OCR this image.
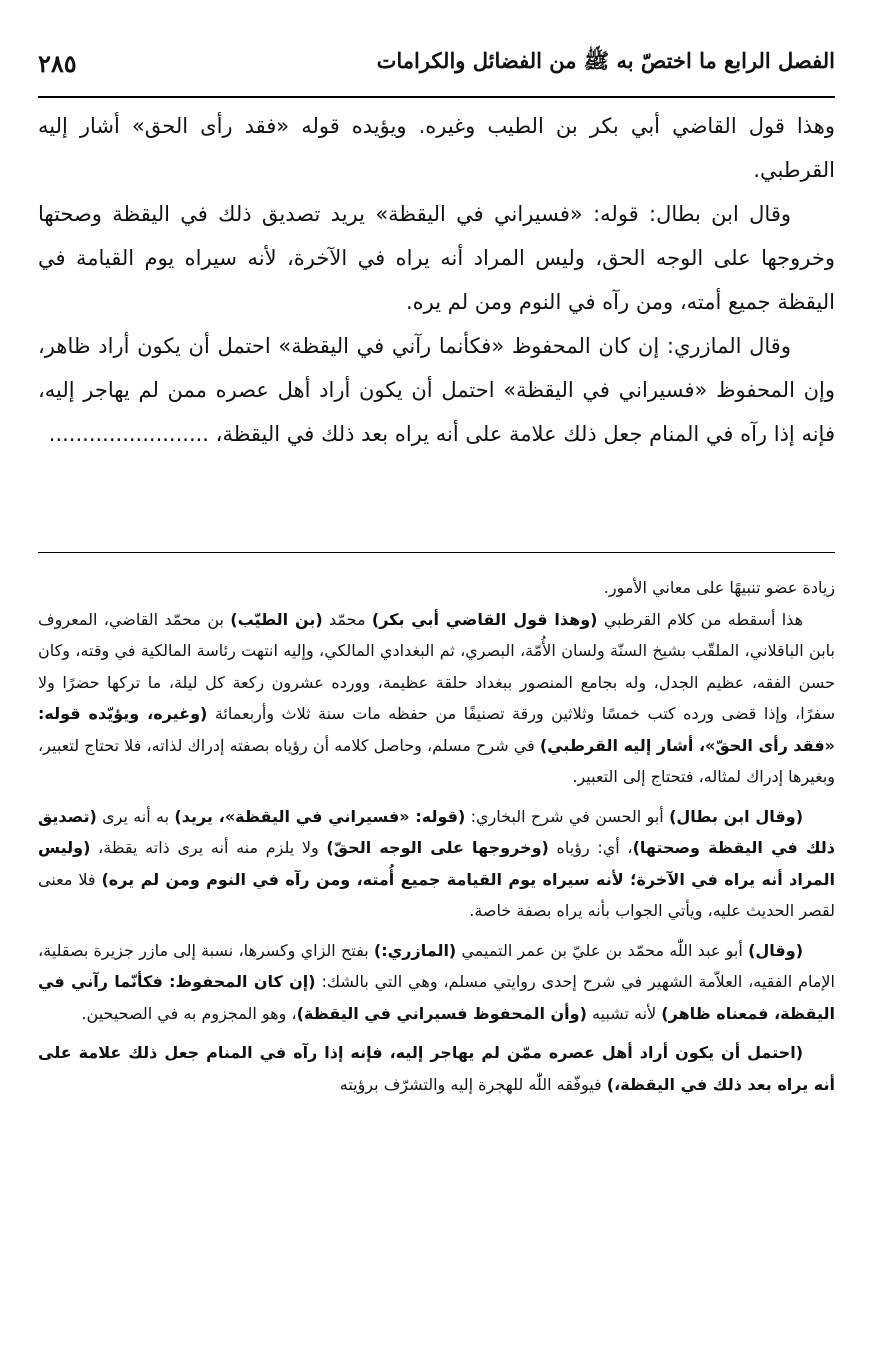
الفصل الرابع ما اختصّ به ﷺ من الفضائل والكرامات
٢٨٥

وهذا قول القاضي أبي بكر بن الطيب وغيره. ويؤيده قوله «فقد رأى الحق» أشار إليه القرطبي.

وقال ابن بطال: قوله: «فسيراني في اليقظة» يريد تصديق ذلك في اليقظة وصحتها وخروجها على الوجه الحق، وليس المراد أنه يراه في الآخرة، لأنه سيراه يوم القيامة في اليقظة جميع أمته، ومن رآه في النوم ومن لم يره.

وقال المازري: إن كان المحفوظ «فكأنما رآني في اليقظة» احتمل أن يكون أراد ظاهر، وإن المحفوظ «فسيراني في اليقظة» احتمل أن يكون أراد أهل عصره ممن لم يهاجر إليه، فإنه إذا رآه في المنام جعل ذلك علامة على أنه يراه بعد ذلك في اليقظة، ........................

زيادة عضو تنبيهًا على معاني الأمور.

هذا أسقطه من كلام القرطبي (وهذا قول القاضي أبي بكر) محمّد (بن الطيّب) بن محمّد القاضي، المعروف بابن الباقلاني، الملقّب بشيخ السنّة ولسان الأُمّة، البصري، ثم البغدادي المالكي، وإليه انتهت رئاسة المالكية في وقته، وكان حسن الفقه، عظيم الجدل، وله بجامع المنصور ببغداد حلقة عظيمة، وورده عشرون ركعة كل ليلة، ما تركها حضرًا ولا سفرًا، وإذا قضى ورده كتب خمسًا وثلاثين ورقة تصنيفًا من حفظه مات سنة ثلاث وأربعمائة (وغيره، ويؤيّده قوله: «فقد رأى الحقّ»، أشار إليه القرطبي) في شرح مسلم، وحاصل كلامه أن رؤياه بصفته إدراك لذاته، فلا تحتاج لتعبير، وبغيرها إدراك لمثاله، فتحتاج إلى التعبير.

(وقال ابن بطال) أبو الحسن في شرح البخاري: (قوله: «فسيراني في اليقظة»، يريد) به أنه يرى (تصديق ذلك في اليقظة وصحتها)، أي: رؤياه (وخروجها على الوجه الحقّ) ولا يلزم منه أنه يرى ذاته يقظة، (وليس المراد أنه يراه في الآخرة؛ لأنه سيراه يوم القيامة جميع أُمته، ومن رآه في النوم ومن لم يره) فلا معنى لقصر الحديث عليه، ويأتي الجواب بأنه يراه بصفة خاصة.

(وقال) أبو عبد اللّٰه محمّد بن عليّ بن عمر التميمي (المازري:) بفتح الزاي وكسرها، نسبة إلى مازر جزيرة بصقلية، الإمام الفقيه، العلاّمة الشهير في شرح إحدى روايتي مسلم، وهي التي بالشك: (إن كان المحفوظ: فكأنّما رآني في اليقظة، فمعناه ظاهر) لأنه تشبيه (وأن المحفوظ فسيراني في اليقظة)، وهو المجزوم به في الصحيحين.

(احتمل أن يكون أراد أهل عصره ممّن لم يهاجر إليه، فإنه إذا رآه في المنام جعل ذلك علامة على أنه يراه بعد ذلك في اليقظة،) فيوفّقه اللّٰه للهجرة إليه والتشرّف برؤيته
